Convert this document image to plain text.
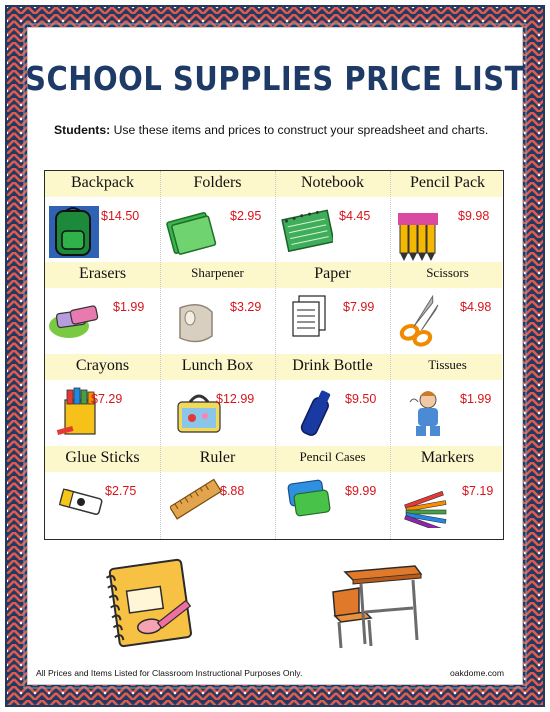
SCHOOL SUPPLIES PRICE LIST
Students: Use these items and prices to construct your spreadsheet and charts.
Backpack
$14.50
Folders
$2.95
Notebook
$4.45
Pencil Pack
$9.98
Erasers
$1.99
Sharpener
$3.29
Paper
$7.99
Scissors
$4.98
Crayons
$7.29
Lunch Box
$12.99
Drink Bottle
$9.50
Tissues
$1.99
Glue Sticks
$2.75
Ruler
$.88
Pencil Cases
$9.99
Markers
$7.19
All Prices and Items Listed for Classroom Instructional Purposes Only.	oakdome.com
